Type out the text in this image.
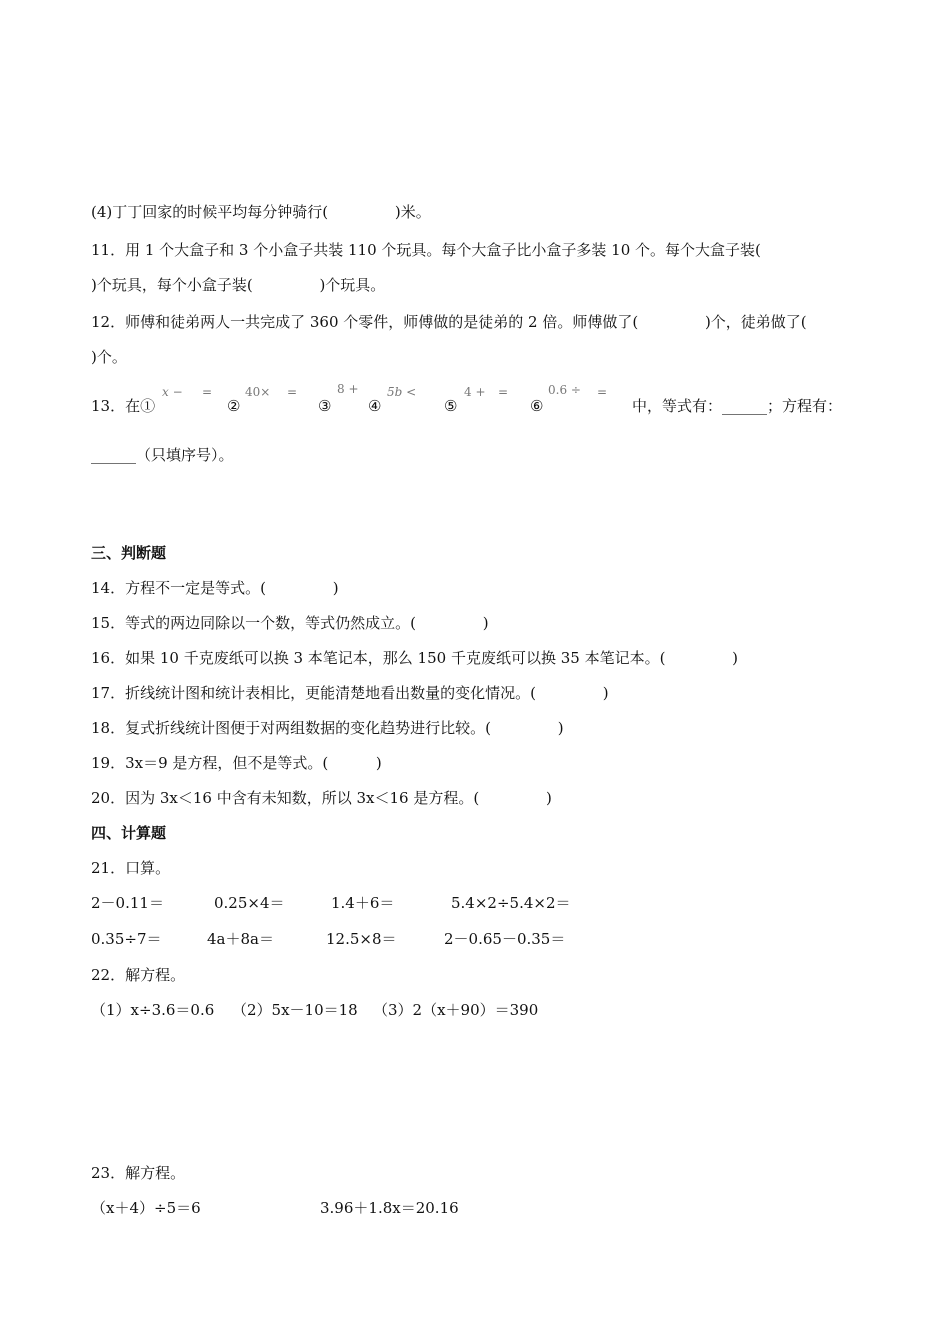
(4)丁丁回家的时候平均每分钟骑行(              )米。
11．用 1 个大盒子和 3 个小盒子共装 110 个玩具。每个大盒子比小盒子多装 10 个。每个大盒子装(
)个玩具，每个小盒子装(              )个玩具。
12．师傅和徒弟两人一共完成了 360 个零件，师傅做的是徒弟的 2 倍。师傅做了(              )个，徒弟做了(
)个。
13．在①	②	③ ④	⑤	⑥	中，等式有：______；方程有：
x − =	40× =	8 + 5b <	4 + =	0.6 ÷ =
______（只填序号）。
三、判断题
14．方程不一定是等式。(              )
15．等式的两边同除以一个数，等式仍然成立。(              )
16．如果 10 千克废纸可以换 3 本笔记本，那么 150 千克废纸可以换 35 本笔记本。(              )
17．折线统计图和统计表相比，更能清楚地看出数量的变化情况。(              )
18．复式折线统计图便于对两组数据的变化趋势进行比较。(              )
19．3x＝9 是方程，但不是等式。(          )
20．因为 3x＜16 中含有未知数，所以 3x＜16 是方程。(              )
四、计算题
21．口算。
2－0.11＝	0.25×4＝	1.4＋6＝	5.4×2÷5.4×2＝
0.35÷7＝	4a＋8a＝	12.5×8＝	2－0.65－0.35＝
22．解方程。
（1）x÷3.6＝0.6 （2）5x－10＝18 （3）2（x＋90）＝390
23．解方程。
（x＋4）÷5＝6	3.96＋1.8x＝20.16
